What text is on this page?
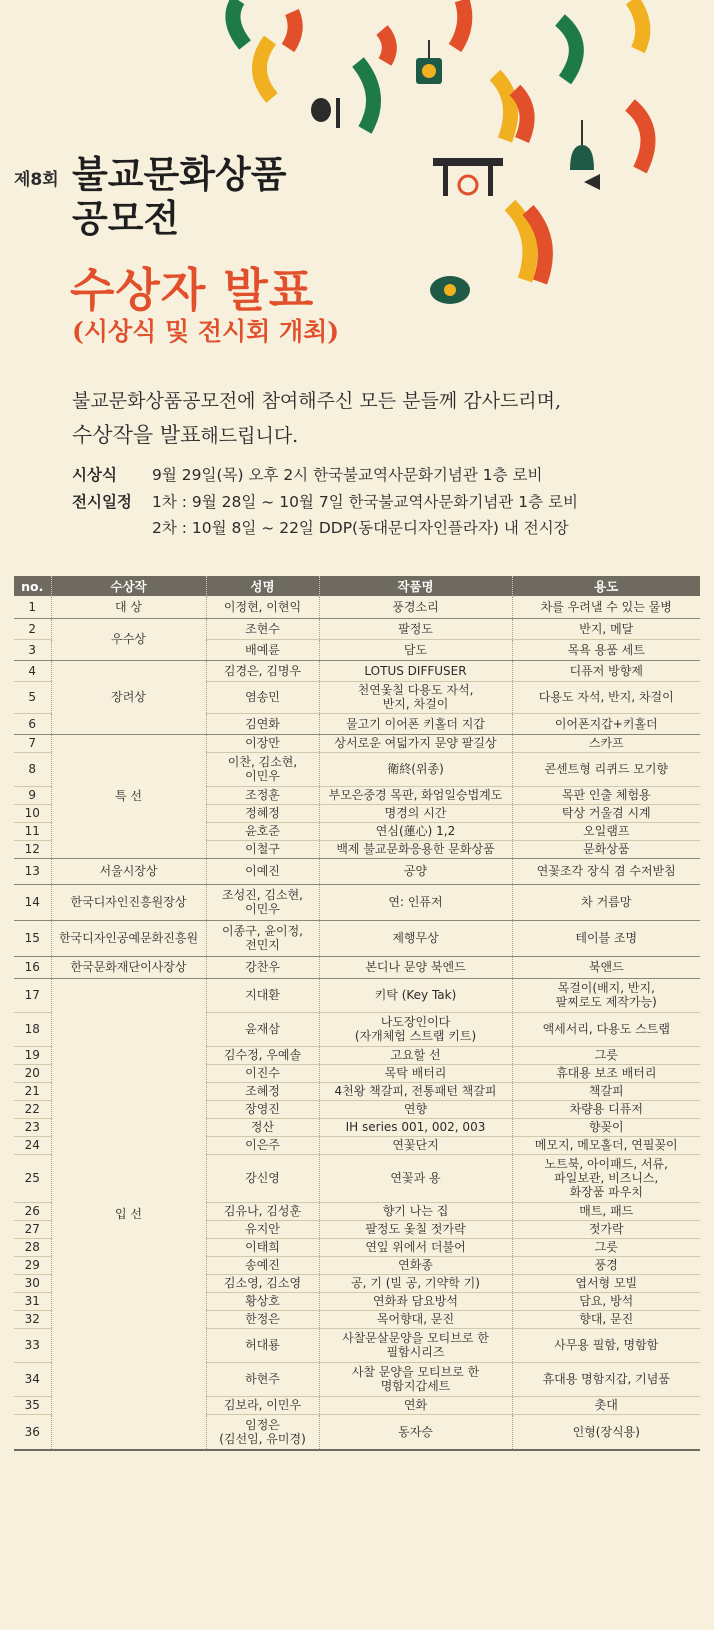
제8회 불교문화상품
공모전
수상자 발표
(시상식 및 전시회 개최)
불교문화상품공모전에 참여해주신 모든 분들께 감사드리며,
수상작을 발표해드립니다.
시상식	9월 29일(목) 오후 2시 한국불교역사문화기념관 1층 로비
전시일정	1차 : 9월 28일 ~ 10월 7일 한국불교역사문화기념관 1층 로비
2차 : 10월 8일 ~ 22일 DDP(동대문디자인플라자) 내 전시장
no.	수상작	성명	작품명	용도
1	대 상	이정현, 이현익	풍경소리	차를 우려낼 수 있는 물병
2	우수상	조현수	팔정도	반지, 메달
3		배예륜	담도	목욕 용품 세트
4	장려상	김경은, 김명우	LOTUS DIFFUSER	디퓨저 방향제
5		염송민	천연옻칠 다용도 자석,
반지, 차걸이	다용도 자석, 반지, 차걸이
6		김연화	물고기 이어폰 키홀더 지갑	이어폰지갑+키홀더
7	특 선	이장만	상서로운 여덟가지 문양 팔길상	스카프
8		이찬, 김소현,
이민우	衛終(위종)	콘센트형 리퀴드 모기향
9		조정훈	부모은중경 목판, 화엄일승법계도	목판 인출 체험용
10		정혜정	명경의 시간	탁상 거울겸 시계
11		윤호준	연심(蓮心) 1,2	오일램프
12		이철구	백제 불교문화응용한 문화상품	문화상품
13	서울시장상	이예진	공양	연꽃조각 장식 겸 수저받침
14	한국디자인진흥원장상	조성진, 김소현,
이민우	연: 인퓨저	차 거름망
15	한국디자인공예문화진흥원	이종구, 윤이정,
전민지	제행무상	테이블 조명
16	한국문화재단이사장상	강찬우	본디나 문양 북엔드	북앤드
17	입 선	지대환	키탁 (Key Tak)	목걸이(배지, 반지,
팔찌로도 제작가능)
18		윤재삼	나도장인이다
(자개체험 스트랩 키트)	액세서리, 다용도 스트랩
19		김수정, 우예솔	고요할 선	그릇
20		이진수	목탁 배터리	휴대용 보조 배터리
21		조혜정	4천왕 책갈피, 전통패턴 책갈피	책갈피
22		장영진	연향	차량용 디퓨저
23		정산	IH series 001, 002, 003	향꽂이
24		이은주	연꽃단지	메모지, 메모홀더, 연필꽂이
25		강신영	연꽃과 용	노트북, 아이패드, 서류,
파일보관, 비즈니스,
화장품 파우치
26		김유나, 김성훈	향기 나는 집	매트, 패드
27		유지안	팔정도 옻칠 젓가락	젓가락
28		이태희	연잎 위에서 더불어	그릇
29		송예진	연화종	풍경
30		김소영, 김소영	공, 기 (빌 공, 기약학 기)	엽서형 모빌
31		황상호	연화좌 담요방석	담요, 방석
32		한정은	목어향대, 문진	향대, 문진
33		허대룡	사찰문살문양을 모티브로 한
필함시리즈	사무용 필함, 명함함
34		하현주	사찰 문양을 모티브로 한
명함지갑세트	휴대용 명함지갑, 기념품
35		김보라, 이민우	연화	촛대
36		임정은
(김선임, 유미경)	동자승	인형(장식용)
